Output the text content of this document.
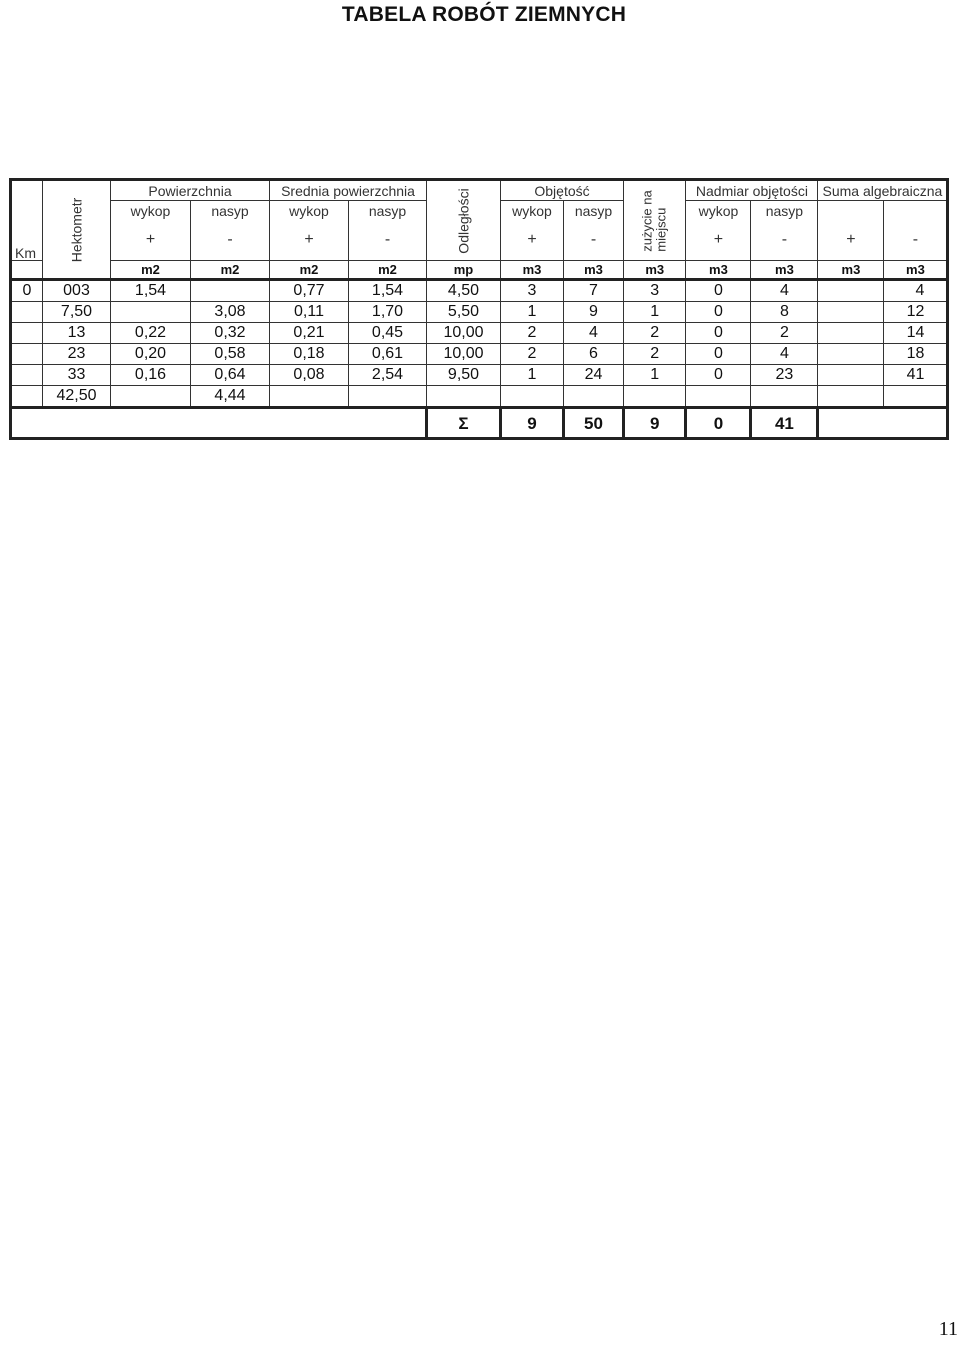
TABELA ROBÓT ZIEMNYCH
Km	Hektometr	Powierzchnia		Srednia powierzchnia		Odległości	Objętość		zużycie na
miejscu	Nadmiar objętości		Suma algebraiczna	
		wykop	nasyp	wykop	nasyp		wykop	nasyp		wykop	nasyp		
		+	-	+	-		+	-		+	-	+	-
		m2	m2	m2	m2	mp	m3	m3	m3	m3	m3	m3	m3
0	003	1,54		0,77	1,54	4,50	3	7	3	0	4		4
	7,50		3,08	0,11	1,70	5,50	1	9	1	0	8		12
	13	0,22	0,32	0,21	0,45	10,00	2	4	2	0	2		14
	23	0,20	0,58	0,18	0,61	10,00	2	6	2	0	4		18
	33	0,16	0,64	0,08	2,54	9,50	1	24	1	0	23		41
	42,50		4,44										
						Σ	9	50	9	0	41		
11
